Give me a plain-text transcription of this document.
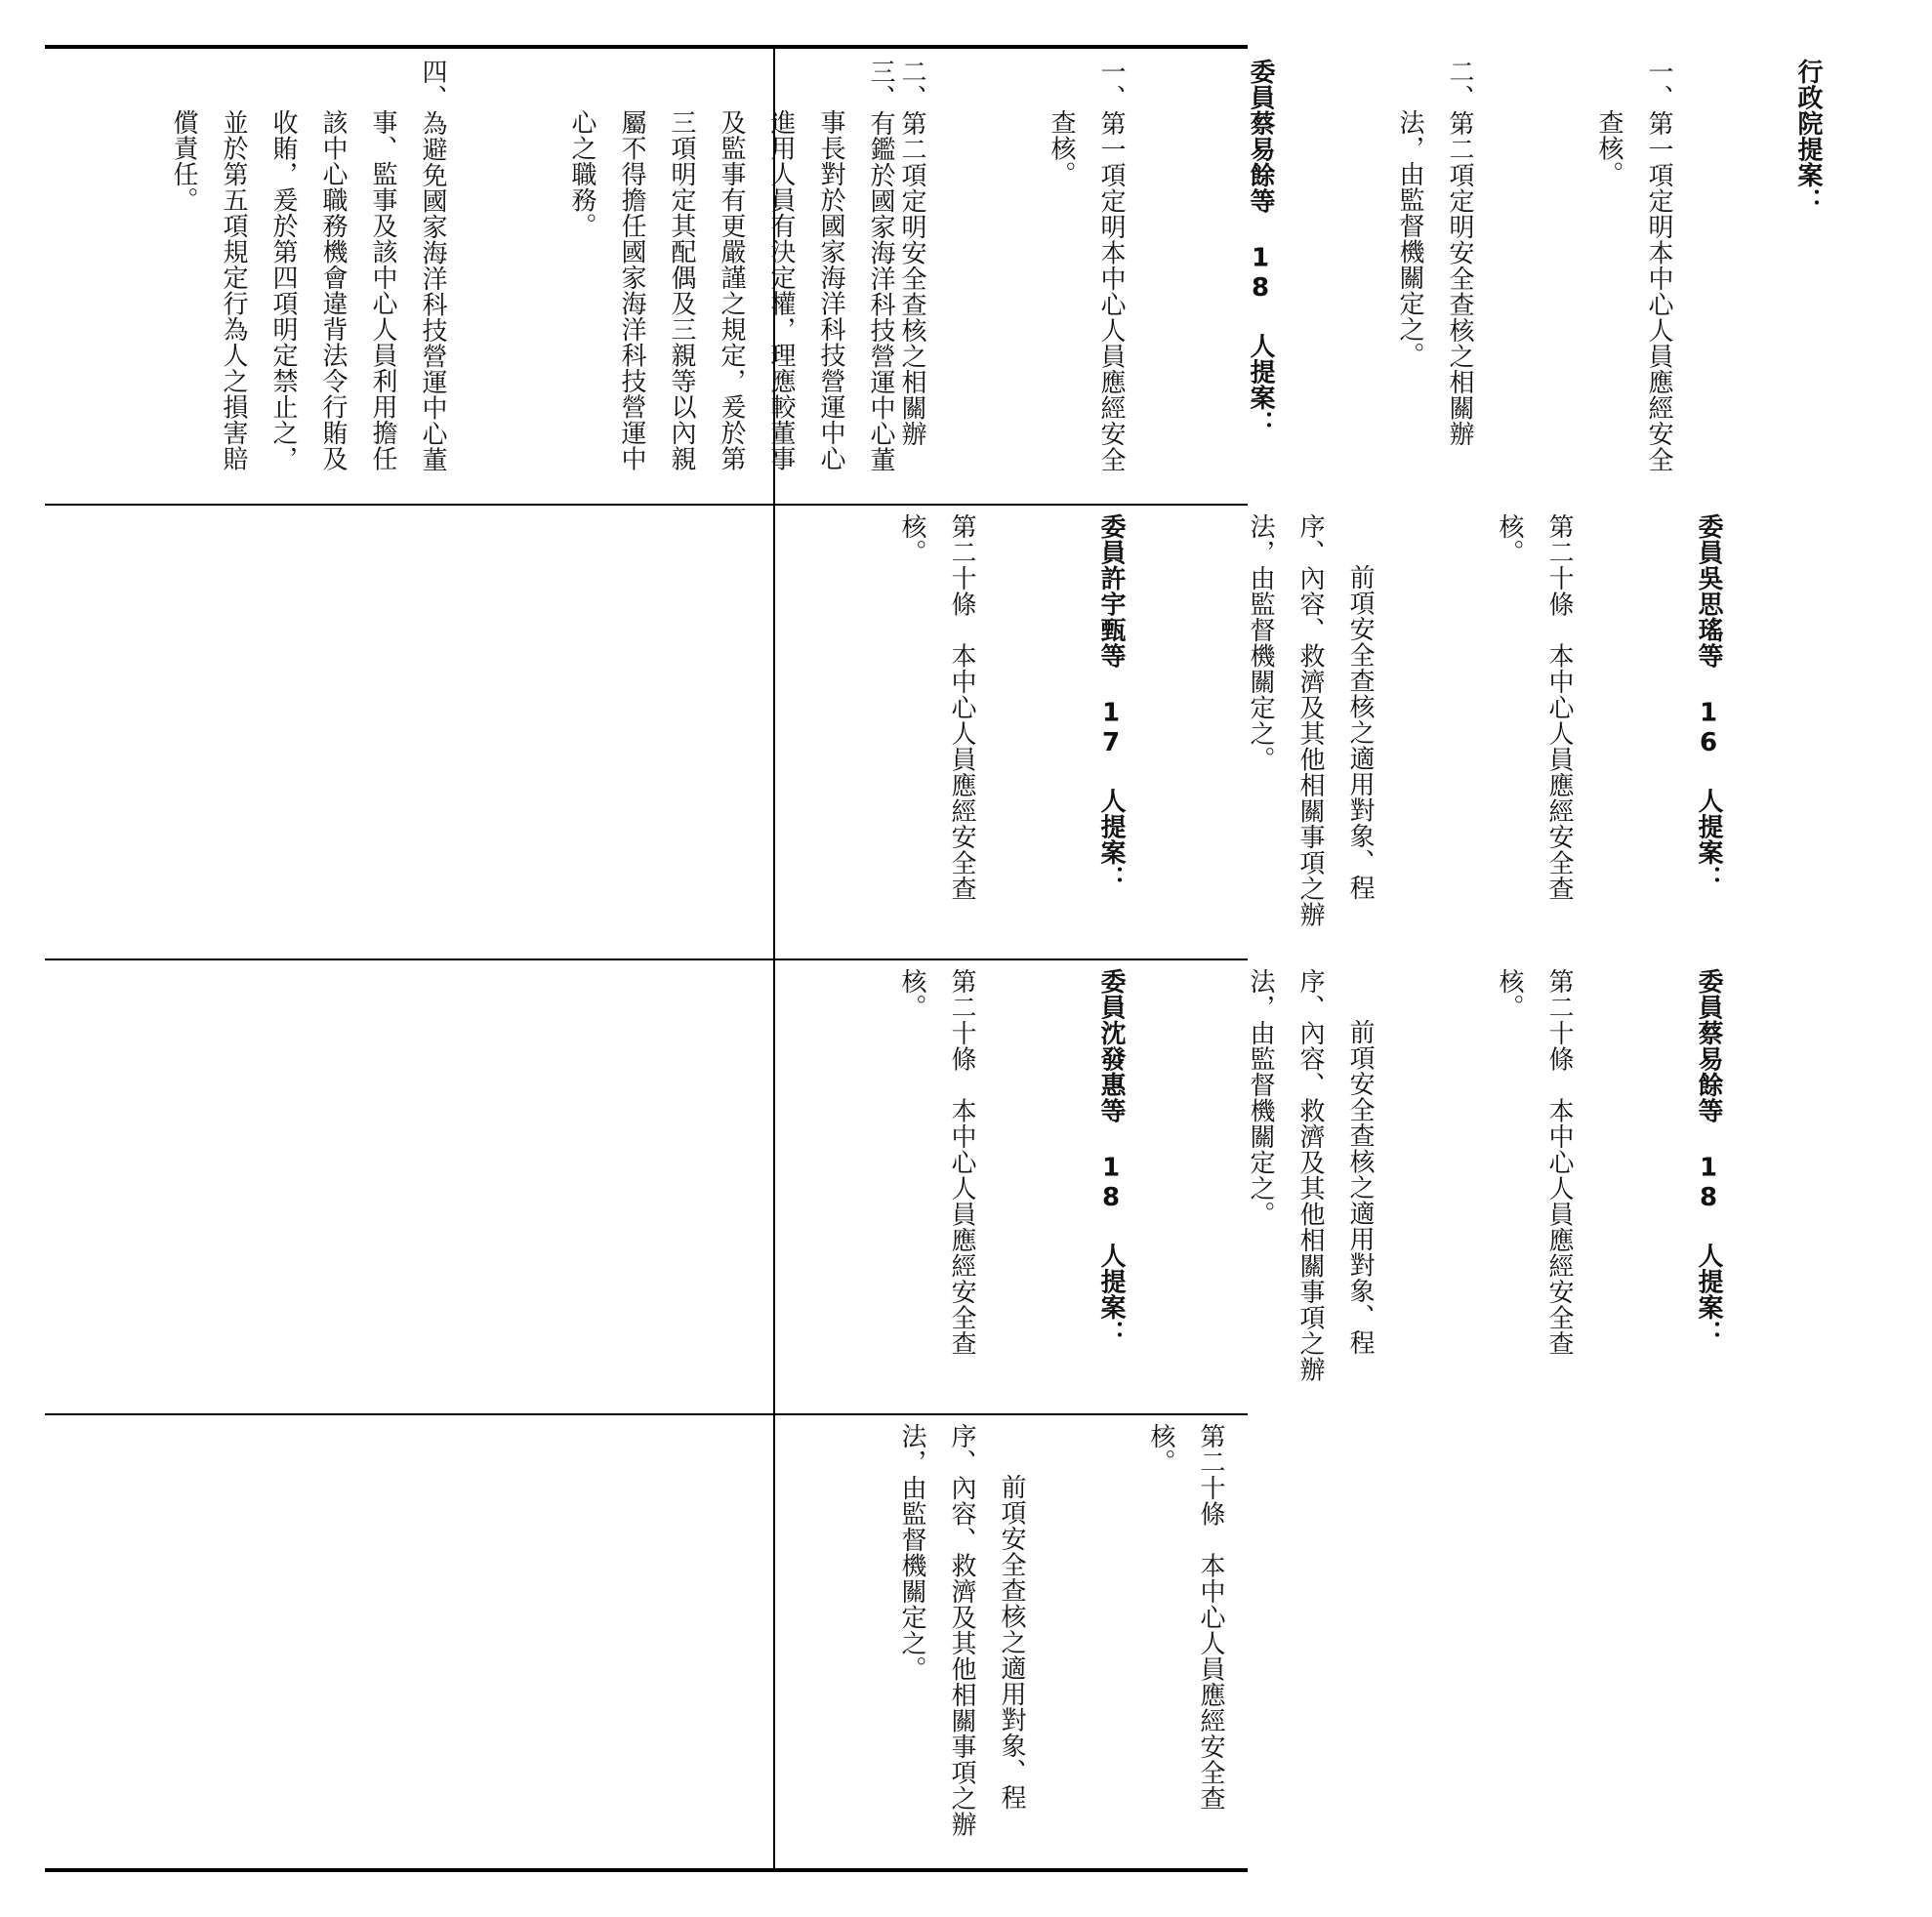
三、有鑑於國家海洋科技營運中心董事長對於國家海洋科技營運中心進用人員有決定權，理應較董事及監事有更嚴謹之規定，爰於第三項明定其配偶及三親等以內親屬不得擔任國家海洋科技營運中心之職務。

四、為避免國家海洋科技營運中心董事、監事及該中心人員利用擔任該中心職務機會違背法令行賄及收賄，爰於第四項明定禁止之，並於第五項規定行為人之損害賠償責任。

	行政院提案：

一、第一項定明本中心人員應經安全查核。

二、第二項定明安全查核之相關辦法，由監督機關定之。

委員蔡易餘等 18 人提案：

一、第一項定明本中心人員應經安全查核。

二、第二項定明安全查核之相關辦

委員吳思瑤等 16 人提案：

第二十條　本中心人員應經安全查核。

前項安全查核之適用對象、程序、內容、救濟及其他相關事項之辦法，由監督機關定之。

委員許宇甄等 17 人提案：

第二十條　本中心人員應經安全查核。

委員蔡易餘等 18 人提案：

第二十條　本中心人員應經安全查核。

前項安全查核之適用對象、程序、內容、救濟及其他相關事項之辦法，由監督機關定之。

委員沈發惠等 18 人提案：

第二十條　本中心人員應經安全查核。

第二十條　本中心人員應經安全查核。

前項安全查核之適用對象、程序、內容、救濟及其他相關事項之辦法，由監督機關定之。
